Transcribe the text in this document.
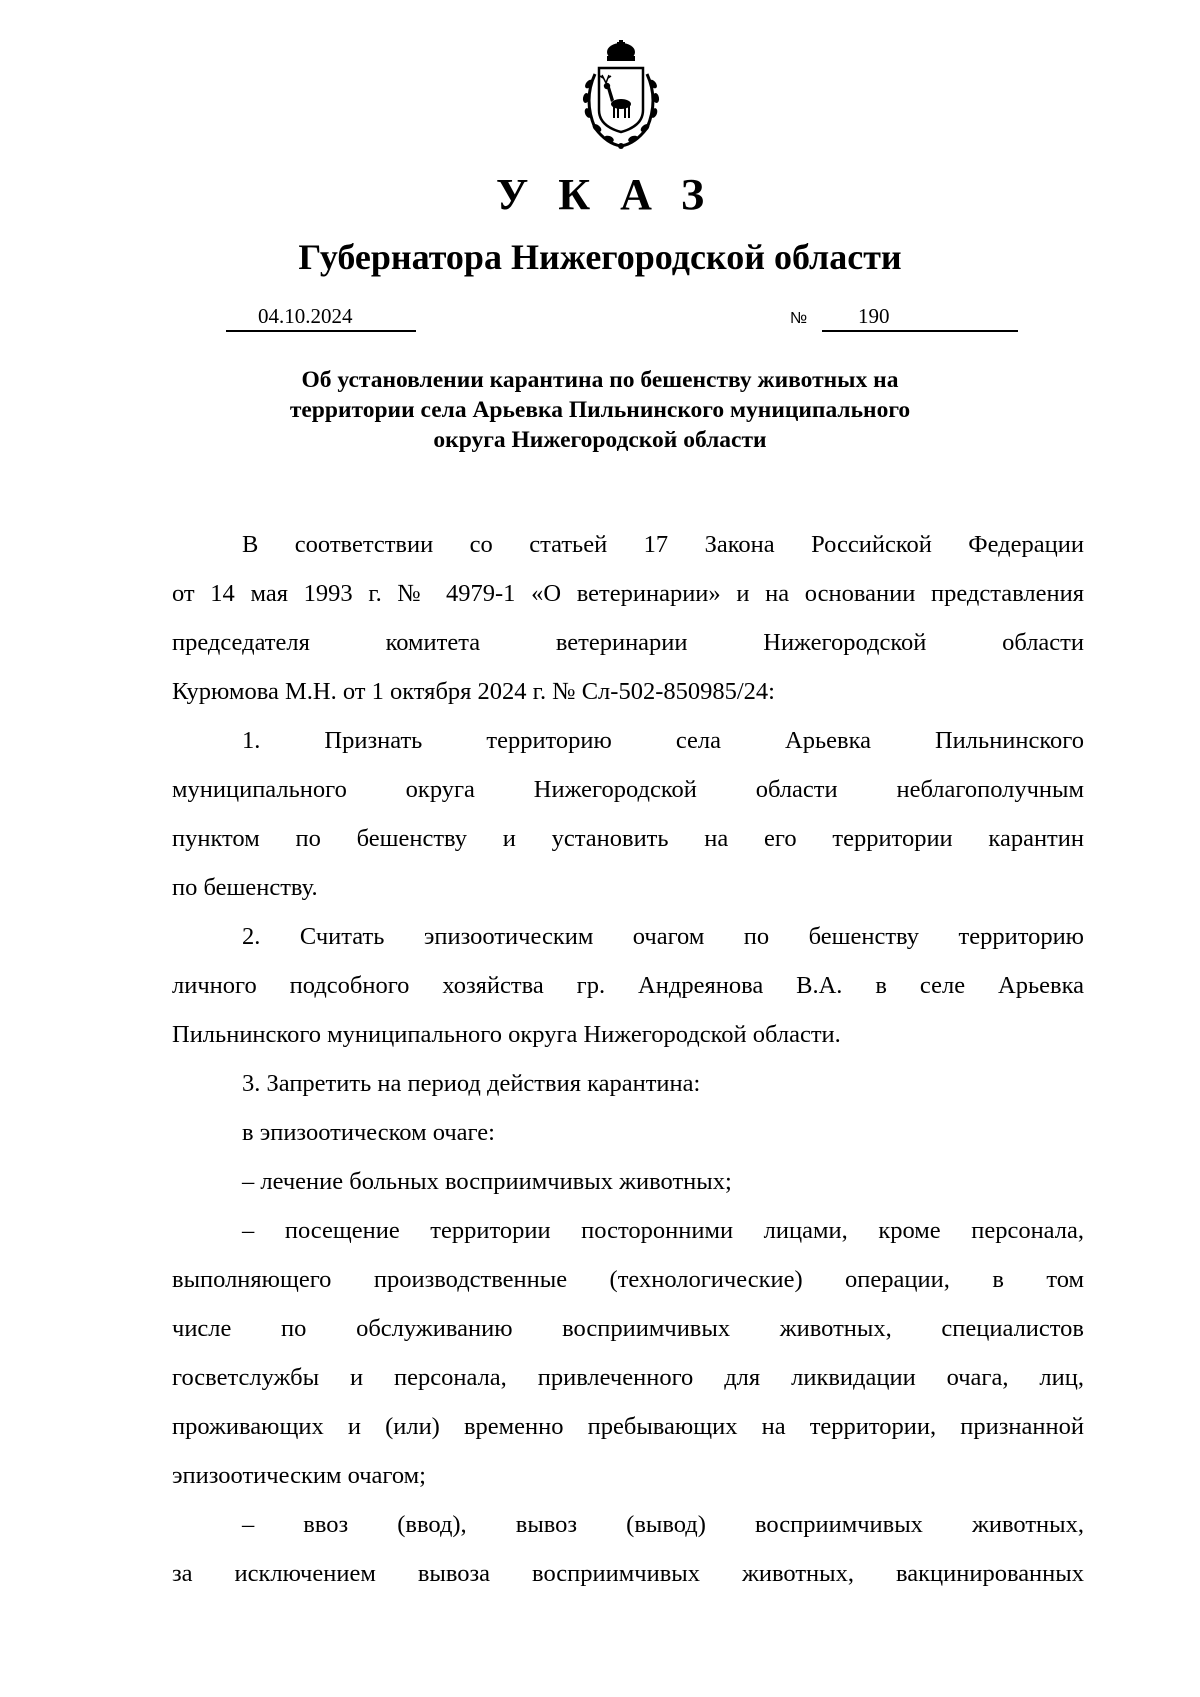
УКАЗ
Губернатора Нижегородской области
04.10.2024	№ 190
Об установлении карантина по бешенству животных на
территории села Арьевка Пильнинского муниципального
округа Нижегородской области
В соответствии со статьей 17 Закона Российской Федерации
от 14 мая 1993 г. № 4979-1 «О ветеринарии» и на основании представления
председателя комитета ветеринарии Нижегородской области
Курюмова М.Н. от 1 октября 2024 г. № Сл-502-850985/24:
1. Признать территорию села Арьевка Пильнинского
муниципального округа Нижегородской области неблагополучным
пунктом по бешенству и установить на его территории карантин
по бешенству.
2. Считать эпизоотическим очагом по бешенству территорию
личного подсобного хозяйства гр. Андреянова В.А. в селе Арьевка
Пильнинского муниципального округа Нижегородской области.
3. Запретить на период действия карантина:
в эпизоотическом очаге:
– лечение больных восприимчивых животных;
– посещение территории посторонними лицами, кроме персонала,
выполняющего производственные (технологические) операции, в том
числе по обслуживанию восприимчивых животных, специалистов
госветслужбы и персонала, привлеченного для ликвидации очага, лиц,
проживающих и (или) временно пребывающих на территории, признанной
эпизоотическим очагом;
– ввоз (ввод), вывоз (вывод) восприимчивых животных,
за исключением вывоза восприимчивых животных, вакцинированных
